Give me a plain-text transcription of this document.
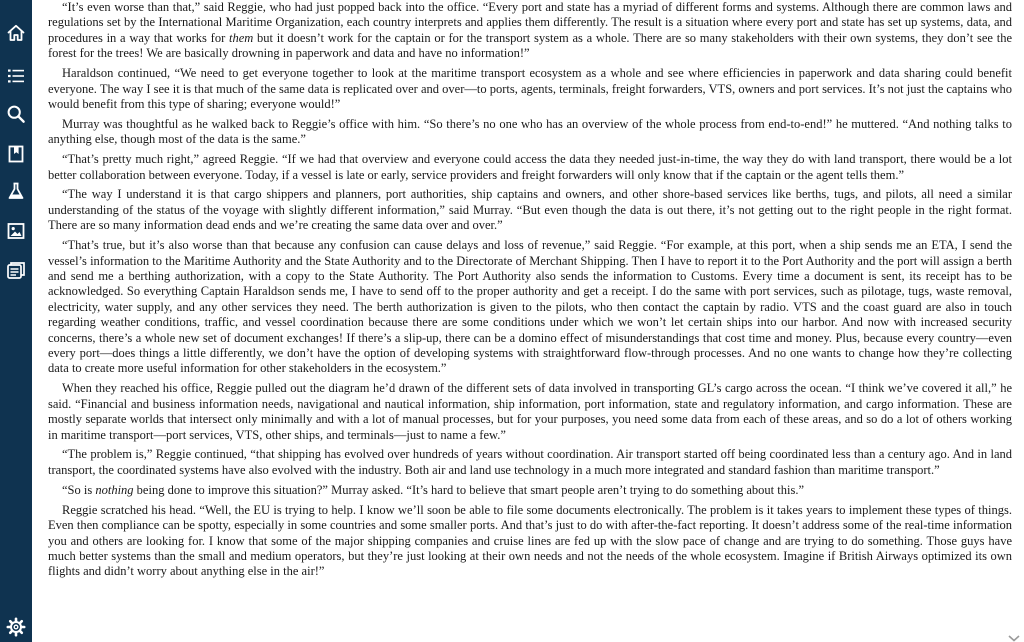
“It’s even worse than that,” said Reggie, who had just popped back into the office. “Every port and state has a myriad of different forms and systems. Although there are common laws and regulations set by the International Maritime Organization, each country interprets and applies them differently. The result is a situation where every port and state has set up systems, data, and procedures in a way that works for them but it doesn’t work for the captain or for the transport system as a whole. There are so many stakeholders with their own systems, they don’t see the forest for the trees! We are basically drowning in paperwork and data and have no information!”

Haraldson continued, “We need to get everyone together to look at the maritime transport ecosystem as a whole and see where efficiencies in paperwork and data sharing could benefit everyone. The way I see it is that much of the same data is replicated over and over—to ports, agents, terminals, freight forwarders, VTS, owners and port services. It’s not just the captains who would benefit from this type of sharing; everyone would!”

Murray was thoughtful as he walked back to Reggie’s office with him. “So there’s no one who has an overview of the whole process from end-to-end!” he muttered. “And nothing talks to anything else, though most of the data is the same.”

“That’s pretty much right,” agreed Reggie. “If we had that overview and everyone could access the data they needed just-in-time, the way they do with land transport, there would be a lot better collaboration between everyone. Today, if a vessel is late or early, service providers and freight forwarders will only know that if the captain or the agent tells them.”

“The way I understand it is that cargo shippers and planners, port authorities, ship captains and owners, and other shore-based services like berths, tugs, and pilots, all need a similar understanding of the status of the voyage with slightly different information,” said Murray. “But even though the data is out there, it’s not getting out to the right people in the right format. There are so many information dead ends and we’re creating the same data over and over.”

“That’s true, but it’s also worse than that because any confusion can cause delays and loss of revenue,” said Reggie. “For example, at this port, when a ship sends me an ETA, I send the vessel’s information to the Maritime Authority and the State Authority and to the Directorate of Merchant Shipping. Then I have to report it to the Port Authority and the port will assign a berth and send me a berthing authorization, with a copy to the State Authority. The Port Authority also sends the information to Customs. Every time a document is sent, its receipt has to be acknowledged. So everything Captain Haraldson sends me, I have to send off to the proper authority and get a receipt. I do the same with port services, such as pilotage, tugs, waste removal, electricity, water supply, and any other services they need. The berth authorization is given to the pilots, who then contact the captain by radio. VTS and the coast guard are also in touch regarding weather conditions, traffic, and vessel coordination because there are some conditions under which we won’t let certain ships into our harbor. And now with increased security concerns, there’s a whole new set of document exchanges! If there’s a slip-up, there can be a domino effect of misunderstandings that cost time and money. Plus, because every country—even every port—does things a little differently, we don’t have the option of developing systems with straightforward flow-through processes. And no one wants to change how they’re collecting data to create more useful information for other stakeholders in the ecosystem.”

When they reached his office, Reggie pulled out the diagram he’d drawn of the different sets of data involved in transporting GL’s cargo across the ocean. “I think we’ve covered it all,” he said. “Financial and business information needs, navigational and nautical information, ship information, port information, state and regulatory information, and cargo information. These are mostly separate worlds that intersect only minimally and with a lot of manual processes, but for your purposes, you need some data from each of these areas, and so do a lot of others working in maritime transport—port services, VTS, other ships, and terminals—just to name a few.”

“The problem is,” Reggie continued, “that shipping has evolved over hundreds of years without coordination. Air transport started off being coordinated less than a century ago. And in land transport, the coordinated systems have also evolved with the industry. Both air and land use technology in a much more integrated and standard fashion than maritime transport.”

“So is nothing being done to improve this situation?” Murray asked. “It’s hard to believe that smart people aren’t trying to do something about this.”

Reggie scratched his head. “Well, the EU is trying to help. I know we’ll soon be able to file some documents electronically. The problem is it takes years to implement these types of things. Even then compliance can be spotty, especially in some countries and some smaller ports. And that’s just to do with after-the-fact reporting. It doesn’t address some of the real-time information you and others are looking for. I know that some of the major shipping companies and cruise lines are fed up with the slow pace of change and are trying to do something. Those guys have much better systems than the small and medium operators, but they’re just looking at their own needs and not the needs of the whole ecosystem. Imagine if British Airways optimized its own flights and didn’t worry about anything else in the air!”
